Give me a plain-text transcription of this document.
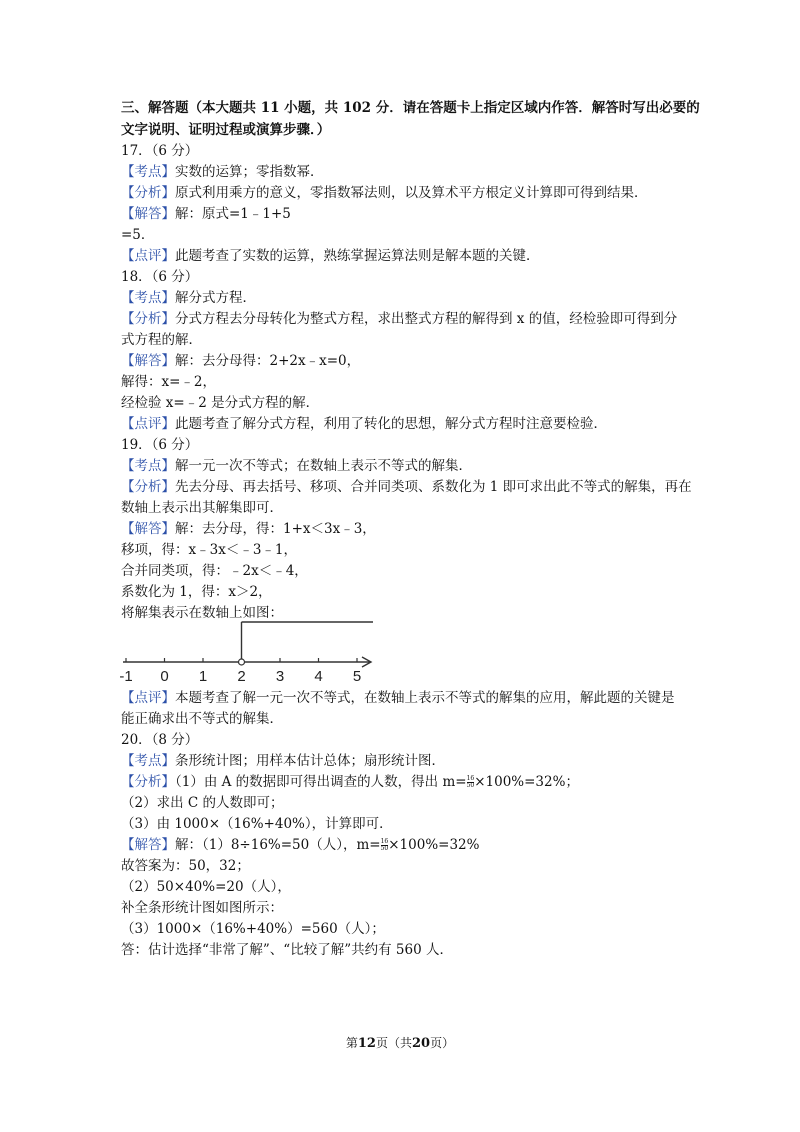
三、解答题（本大题共 11 小题，共 102 分．请在答题卡上指定区域内作答．解答时写出必要的
文字说明、证明过程或演算步骤．）
17．（6 分）
【考点】实数的运算；零指数幂．
【分析】原式利用乘方的意义，零指数幂法则，以及算术平方根定义计算即可得到结果．
【解答】解：原式=1﹣1+5
=5．
【点评】此题考查了实数的运算，熟练掌握运算法则是解本题的关键．
18．（6 分）
【考点】解分式方程．
【分析】分式方程去分母转化为整式方程，求出整式方程的解得到 x 的值，经检验即可得到分
式方程的解．
【解答】解：去分母得：2+2x﹣x=0，
解得：x=﹣2，
经检验 x=﹣2 是分式方程的解．
【点评】此题考查了解分式方程，利用了转化的思想，解分式方程时注意要检验．
19．（6 分）
【考点】解一元一次不等式；在数轴上表示不等式的解集．
【分析】先去分母、再去括号、移项、合并同类项、系数化为 1 即可求出此不等式的解集，再在
数轴上表示出其解集即可．
【解答】解：去分母，得：1+x＜3x﹣3，
移项，得：x﹣3x＜﹣3﹣1，
合并同类项，得：﹣2x＜﹣4，
系数化为 1，得：x＞2，
将解集表示在数轴上如图：
-1 0 1 2 3 4 5
【点评】本题考查了解一元一次不等式，在数轴上表示不等式的解集的应用，解此题的关键是
能正确求出不等式的解集．
20．（8 分）
【考点】条形统计图；用样本估计总体；扇形统计图．
【分析】（1）由 A 的数据即可得出调查的人数，得出 $m= \frac{16}{50} \times 100\%=32\%$；
（2）求出 C 的人数即可；
（3）由 1000×（16%+40%），计算即可．
【解答】解：（1）8÷16%=50（人），$m= \frac{16}{50} \times 100\%=32\%$
故答案为：50，32；
（2）50×40%=20（人），
补全条形统计图如图所示：
（3）1000×（16%+40%）=560（人）；
答：估计选择“非常了解”、“比较了解”共约有 560 人．
第12页（共20页）
